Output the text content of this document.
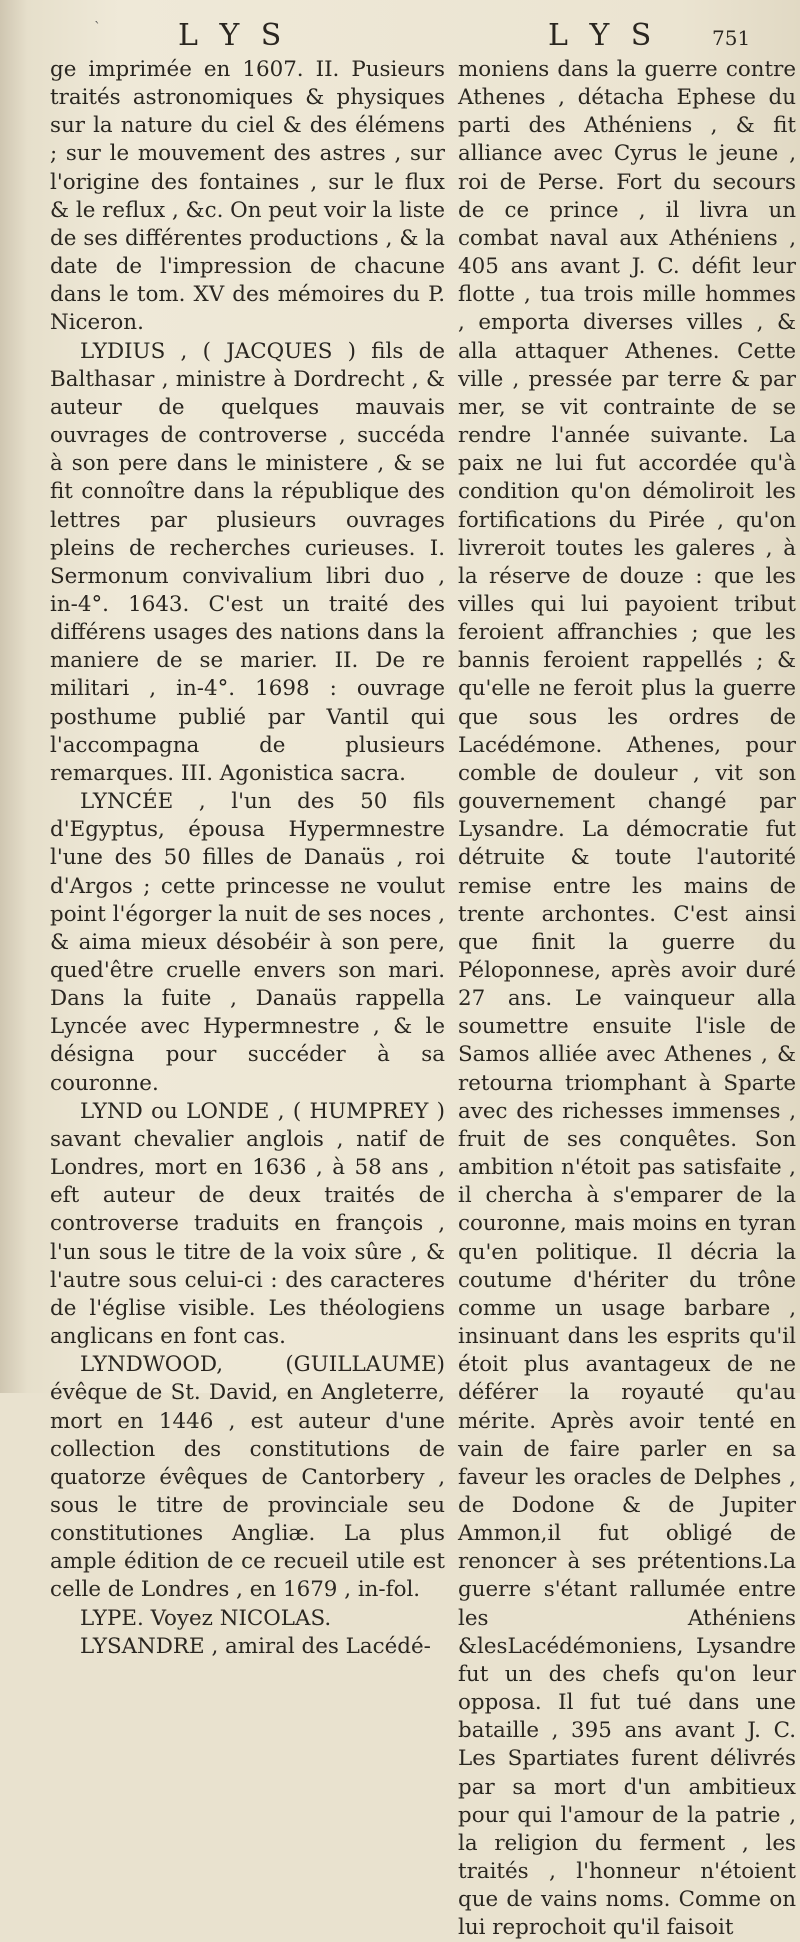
`	L Y S	L Y S	751

ge imprimée en 1607. II. Pusieurs traités astronomiques & physiques sur la nature du ciel & des élémens ; sur le mouvement des astres , sur l'origine des fontaines , sur le flux & le reflux , &c. On peut voir la liste de ses différentes productions , & la date de l'impression de chacune dans le tom. XV des mémoires du P. Niceron.

LYDIUS , ( JACQUES ) fils de Balthasar , ministre à Dordrecht , & auteur de quelques mauvais ouvrages de controverse , succéda à son pere dans le ministere , & se fit connoître dans la république des lettres par plusieurs ouvrages pleins de recherches curieuses. I. Sermonum convivalium libri duo , in-4°. 1643. C'est un traité des différens usages des nations dans la maniere de se marier. II. De re militari , in-4°. 1698 : ouvrage posthume publié par Vantil qui l'accompagna de plusieurs remarques. III. Agonistica sacra.

LYNCÉE , l'un des 50 fils d'Egyptus, épousa Hypermnestre l'une des 50 filles de Danaüs , roi d'Argos ; cette princesse ne voulut point l'égorger la nuit de ses noces , & aima mieux désobéir à son pere, qued'être cruelle envers son mari. Dans la fuite , Danaüs rappella Lyncée avec Hypermnestre , & le désigna pour succéder à sa couronne.

LYND ou LONDE , ( HUMPREY ) savant chevalier anglois , natif de Londres, mort en 1636 , à 58 ans , eft auteur de deux traités de controverse traduits en françois , l'un sous le titre de la voix sûre , & l'autre sous celui-ci : des caracteres de l'église visible. Les théologiens anglicans en font cas.

LYNDWOOD, (GUILLAUME) évêque de St. David, en Angleterre, mort en 1446 , est auteur d'une collection des constitutions de quatorze évêques de Cantorbery , sous le titre de provinciale seu constitutiones Angliæ. La plus ample édition de ce recueil utile est celle de Londres , en 1679 , in-fol.

LYPE. Voyez NICOLAS.

LYSANDRE , amiral des Lacédé-

moniens dans la guerre contre Athenes , détacha Ephese du parti des Athéniens , & fit alliance avec Cyrus le jeune , roi de Perse. Fort du secours de ce prince , il livra un combat naval aux Athéniens , 405 ans avant J. C. défit leur flotte , tua trois mille hommes , emporta diverses villes , & alla attaquer Athenes. Cette ville , pressée par terre & par mer, se vit contrainte de se rendre l'année suivante. La paix ne lui fut accordée qu'à condition qu'on démoliroit les fortifications du Pirée , qu'on livreroit toutes les galeres , à la réserve de douze : que les villes qui lui payoient tribut feroient affranchies ; que les bannis feroient rappellés ; & qu'elle ne feroit plus la guerre que sous les ordres de Lacédémone. Athenes, pour comble de douleur , vit son gouvernement changé par Lysandre. La démocratie fut détruite & toute l'autorité remise entre les mains de trente archontes. C'est ainsi que finit la guerre du Péloponnese, après avoir duré 27 ans. Le vainqueur alla soumettre ensuite l'isle de Samos alliée avec Athenes , & retourna triomphant à Sparte avec des richesses immenses , fruit de ses conquêtes. Son ambition n'étoit pas satisfaite , il chercha à s'emparer de la couronne, mais moins en tyran qu'en politique. Il décria la coutume d'hériter du trône comme un usage barbare , insinuant dans les esprits qu'il étoit plus avantageux de ne déférer la royauté qu'au mérite. Après avoir tenté en vain de faire parler en sa faveur les oracles de Delphes , de Dodone & de Jupiter Ammon,il fut obligé de renoncer à ses prétentions.La guerre s'étant rallumée entre les Athéniens &lesLacédémoniens, Lysandre fut un des chefs qu'on leur opposa. Il fut tué dans une bataille , 395 ans avant J. C. Les Spartiates furent délivrés par sa mort d'un ambitieux pour qui l'amour de la patrie , la religion du ferment , les traités , l'honneur n'étoient que de vains noms. Comme on lui reprochoit qu'il faisoit
